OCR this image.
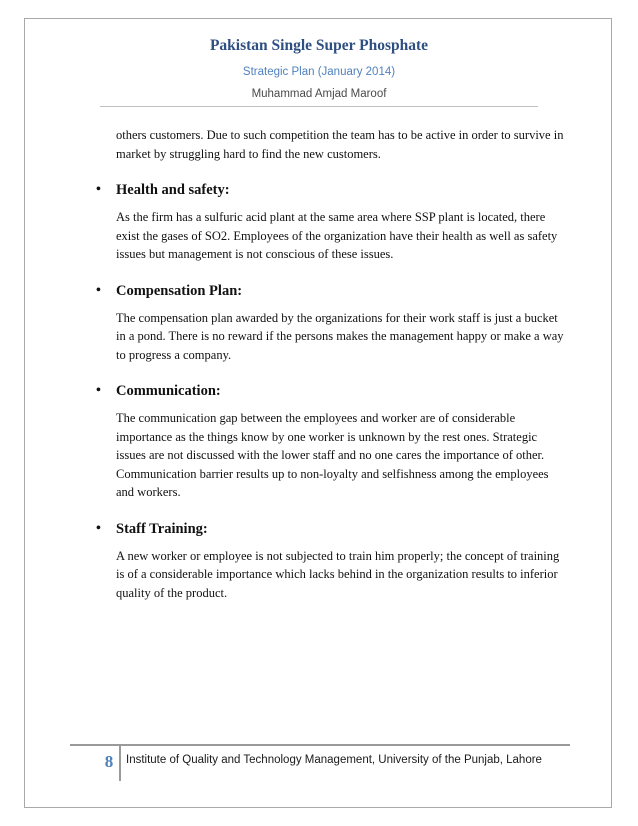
Pakistan Single Super Phosphate
Strategic Plan (January 2014)
Muhammad Amjad Maroof

others customers. Due to such competition the team has to be active in order to survive in market by struggling hard to find the new customers.

• Health and safety:

As the firm has a sulfuric acid plant at the same area where SSP plant is located, there exist the gases of SO2. Employees of the organization have their health as well as safety issues but management is not conscious of these issues.

• Compensation Plan:

The compensation plan awarded by the organizations for their work staff is just a bucket in a pond. There is no reward if the persons makes the management happy or make a way to progress a company.

• Communication:

The communication gap between the employees and worker are of considerable importance as the things know by one worker is unknown by the rest ones. Strategic issues are not discussed with the lower staff and no one cares the importance of other. Communication barrier results up to non-loyalty and selfishness among the employees and workers.

• Staff Training:

A new worker or employee is not subjected to train him properly; the concept of training is of a considerable importance which lacks behind in the organization results to inferior quality of the product.

8	Institute of Quality and Technology Management, University of the Punjab, Lahore
